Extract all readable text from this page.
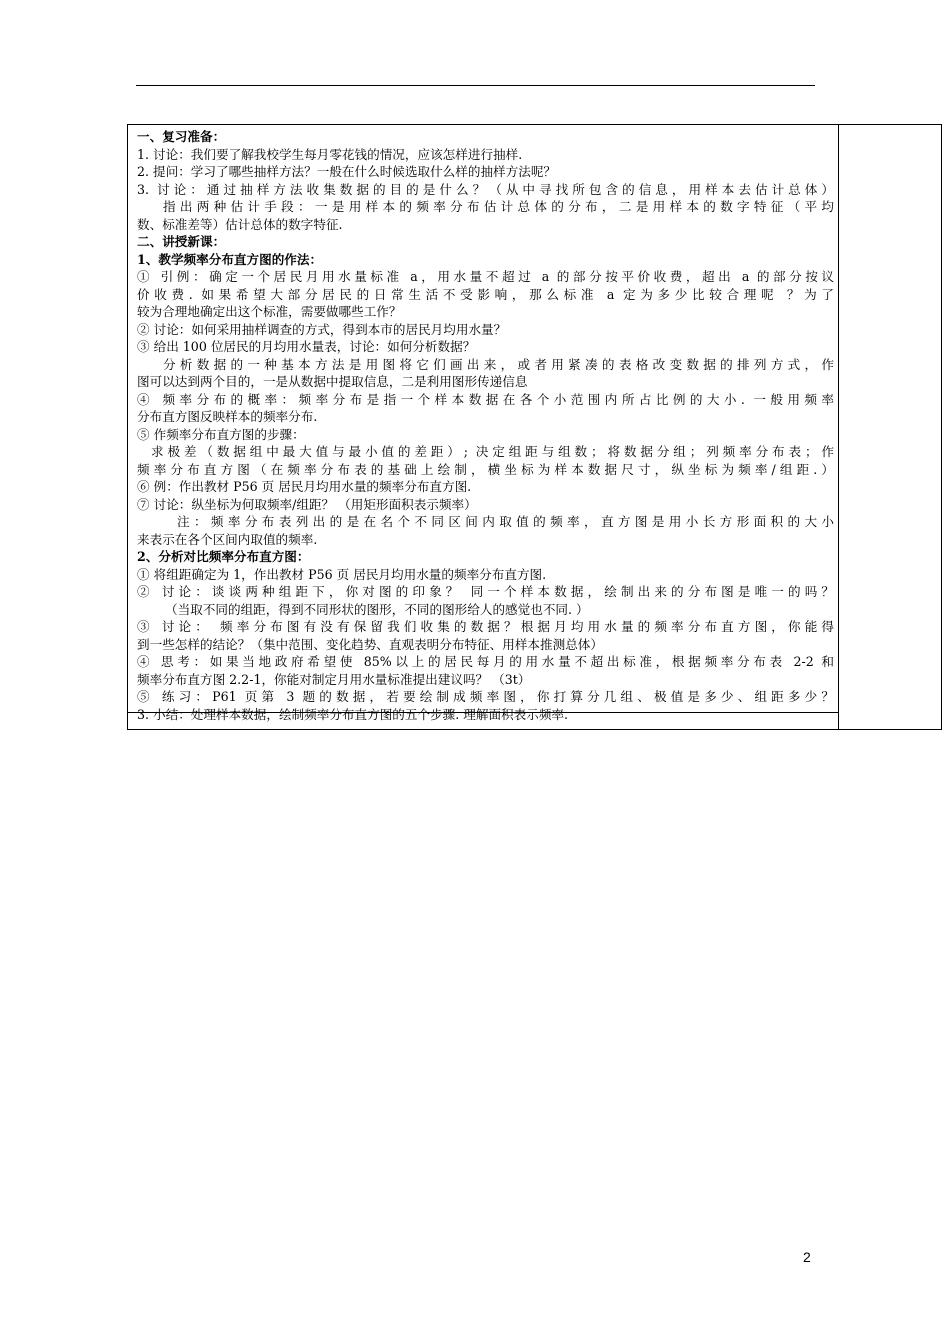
一、复习准备：
1. 讨论：我们要了解我校学生每月零花钱的情况，应该怎样进行抽样.
2. 提问：学习了哪些抽样方法？一般在什么时候选取什么样的抽样方法呢？
3. 讨论：通过抽样方法收集数据的目的是什么？（从中寻找所包含的信息，用样本去估计总体）
指出两种估计手段：一是用样本的频率分布估计总体的分布，二是用样本的数字特征（平均
数、标准差等）估计总体的数字特征.
二、讲授新课：
1、教学频率分布直方图的作法：
① 引例：确定一个居民月用水量标准 a，用水量不超过 a 的部分按平价收费，超出 a 的部分按议
价收费. 如果希望大部分居民的日常生活不受影响，那么标准 a 定为多少比较合理呢 ？为了
较为合理地确定出这个标准，需要做哪些工作？
② 讨论：如何采用抽样调查的方式，得到本市的居民月均用水量？
③ 给出 100 位居民的月均用水量表，讨论：如何分析数据？
分析数据的一种基本方法是用图将它们画出来，或者用紧凑的表格改变数据的排列方式，作
图可以达到两个目的，一是从数据中提取信息，二是利用图形传递信息
④ 频率分布的概率：频率分布是指一个样本数据在各个小范围内所占比例的大小. 一般用频率
分布直方图反映样本的频率分布.
⑤ 作频率分布直方图的步骤：
求极差（数据组中最大值与最小值的差距）; 决定组距与组数；将数据分组；列频率分布表；作
频率分布直方图（在频率分布表的基础上绘制，横坐标为样本数据尺寸，纵坐标为频率/组距.）
⑥ 例：作出教材 P56 页 居民月均用水量的频率分布直方图.
⑦ 讨论：纵坐标为何取频率/组距？ （用矩形面积表示频率）
注：频率分布表列出的是在名个不同区间内取值的频率，直方图是用小长方形面积的大小
来表示在各个区间内取值的频率.
2、分析对比频率分布直方图：
① 将组距确定为 1，作出教材 P56 页 居民月均用水量的频率分布直方图.
② 讨论：谈谈两种组距下，你对图的印象？ 同一个样本数据，绘制出来的分布图是唯一的吗？
（当取不同的组距，得到不同形状的图形，不同的图形给人的感觉也不同. ）
③ 讨论： 频率分布图有没有保留我们收集的数据？根据月均用水量的频率分布直方图，你能得
到一些怎样的结论？（集中范围、变化趋势、直观表明分布特征、用样本推测总体）
④ 思考：如果当地政府希望使 85%以上的居民每月的用水量不超出标准，根据频率分布表 2-2 和
频率分布直方图 2.2-1，你能对制定月用水量标准提出建议吗？ （3t）
⑤ 练习：P61 页第 3 题的数据，若要绘制成频率图，你打算分几组、极值是多少、组距多少？
3. 小结：处理样本数据，绘制频率分布直方图的五个步骤. 理解面积表示频率.
2
